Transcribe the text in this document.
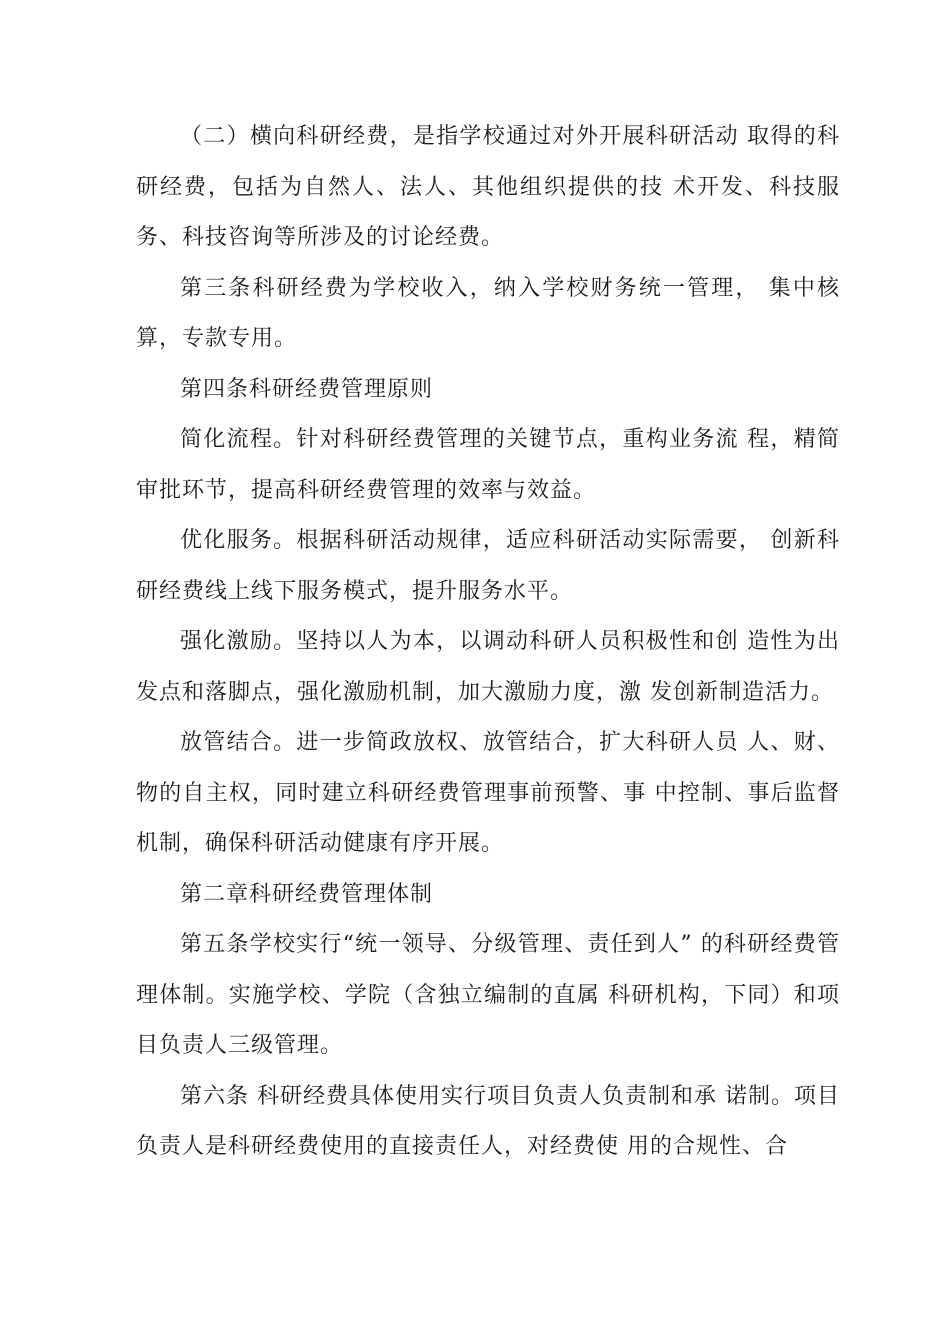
（二）横向科研经费，是指学校通过对外开展科研活动 取得的科研经费，包括为自然人、法人、其他组织提供的技 术开发、科技服务、科技咨询等所涉及的讨论经费。

第三条科研经费为学校收入，纳入学校财务统一管理， 集中核算，专款专用。

第四条科研经费管理原则

简化流程。针对科研经费管理的关键节点，重构业务流 程，精简审批环节，提高科研经费管理的效率与效益。

优化服务。根据科研活动规律，适应科研活动实际需要， 创新科研经费线上线下服务模式，提升服务水平。

强化激励。坚持以人为本，以调动科研人员积极性和创 造性为出发点和落脚点，强化激励机制，加大激励力度，激 发创新制造活力。

放管结合。进一步简政放权、放管结合，扩大科研人员 人、财、物的自主权，同时建立科研经费管理事前预警、事 中控制、事后监督机制，确保科研活动健康有序开展。

第二章科研经费管理体制

第五条学校实行“统一领导、分级管理、责任到人” 的科研经费管理体制。实施学校、学院（含独立编制的直属 科研机构，下同）和项目负责人三级管理。

第六条 科研经费具体使用实行项目负责人负责制和承 诺制。项目负责人是科研经费使用的直接责任人，对经费使 用的合规性、合
